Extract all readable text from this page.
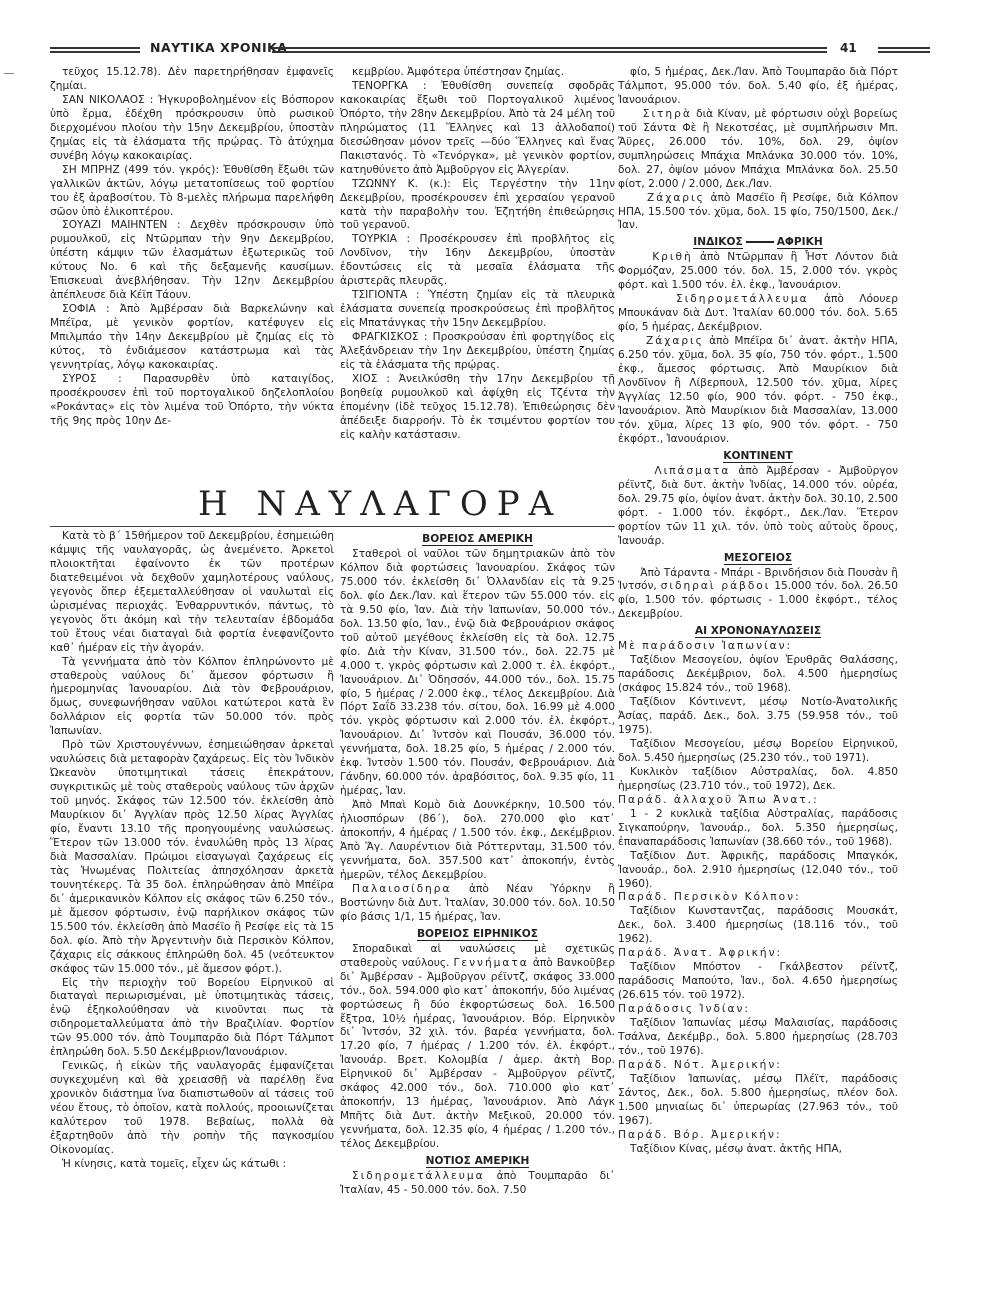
ΝΑΥΤΙΚΑ ΧΡΟΝΙΚΑ	41

τεῦχος 15.12.78). Δὲν παρετηρήθησαν ἐμφανεῖς ζημίαι.

ΣΑΝ ΝΙΚΟΛΑΟΣ : Ἠγκυροβολημένον εἰς Βόσπορον ὑπὸ ἔρμα, ἐδέχθη πρόσκρουσιν ὑπὸ ρωσικοῦ διερχομένου πλοίου τὴν 15ην Δεκεμβρίου, ὑποστὰν ζημίας εἰς τὰ ἐλάσματα τῆς πρῴρας. Τὸ ἀτύχημα συνέβη λόγῳ κακοκαιρίας.

ΣΗ ΜΠΡΗΖ (499 τόν. γκρός): Ἐθυθίσθη ἔξωθι τῶν γαλλικῶν ἀκτῶν, λόγῳ μετατοπίσεως τοῦ φορτίου του ἐξ ἀραβοσίτου. Τὸ 8-μελὲς πλήρωμα παρελήφθη σῶον ὑπὸ ἑλικοπτέρου.

ΣΟΥΑΖΙ ΜΑΙΗΝΤΕΝ : Δεχθὲν πρόσκρουσιν ὑπὸ ρυμουλκοῦ, εἰς Ντῶρμπαν τὴν 9ην Δεκεμβρίου, ὑπέστη κάμψιν τῶν ἐλασμάτων ἐξωτερικῶς τοῦ κύτους Νο. 6 καὶ τῆς δεξαμενῆς καυσίμων. Ἐπισκευαὶ ἀνεβλήθησαν. Τὴν 12ην Δεκεμβρίου ἀπέπλευσε διὰ Κέϊπ Τάουν.

ΣΟΦΙΑ : Ἀπὸ Ἀμβέρσαν διὰ Βαρκελώνην καὶ Μπέϊρα, μὲ γενικὸν φορτίον, κατέφυγεν εἰς Μπιλμπάο τὴν 14ην Δεκεμβρίου μὲ ζημίας εἰς τὸ κύτος, τὸ ἐνδιάμεσον κατάστρωμα καὶ τὰς γεννητρίας, λόγῳ κακοκαιρίας.

ΣΥΡΟΣ : Παρασυρθὲν ὑπὸ καταιγίδος, προσέκρουσεν ἐπὶ τοῦ πορτογαλικοῦ δηζελοπλοίου «Ροκάντας» εἰς τὸν λιμένα τοῦ Ὀπόρτο, τὴν νύκτα τῆς 9ης πρὸς 10ην Δε-

κεμβρίου. Ἀμφότερα ὑπέστησαν ζημίας.

ΤΕΝΟΡΓΚΑ : Ἐθυθίσθη συνεπείᾳ σφοδρᾶς κακοκαιρίας ἔξωθι τοῦ Πορτογαλικοῦ λιμένος Ὀπόρτο, τὴν 28ην Δεκεμβρίου. Ἀπὸ τὰ 24 μέλη τοῦ πληρώματος (11 Ἕλληνες καὶ 13 ἀλλοδαποί) διεσώθησαν μόνον τρεῖς —δύο Ἕλληνες καὶ ἕνας Πακιστανός. Τὸ «Τενόργκα», μὲ γενικὸν φορτίον, κατηυθύνετο ἀπὸ Ἀμβοῦργον εἰς Ἀλγερίαν.

ΤΖΩΝΝΥ Κ. (κ.): Εἰς Τεργέστην τὴν 11ην Δεκεμβρίου, προσέκρουσεν ἐπὶ χερσαίου γερανοῦ κατὰ τὴν παραβολὴν του. Ἐζητήθη ἐπιθεώρησις τοῦ γερανοῦ.

ΤΟΥΡΚΙΑ : Προσέκρουσεν ἐπὶ προβλῆτος εἰς Λονδῖνον, τὴν 16ην Δεκεμβρίου, ὑποστὰν ἐδοντώσεις εἰς τὰ μεσαῖα ἐλάσματα τῆς ἀριστερᾶς πλευρᾶς.

ΤΣΙΓΙΟΝΤΑ : Ὑπέστη ζημίαν εἰς τὰ πλευρικὰ ἐλάσματα συνεπείᾳ προσκρούσεως ἐπὶ προβλῆτος εἰς Μπατάνγκας τὴν 15ην Δεκεμβρίου.

ΦΡΑΓΚΙΣΚΟΣ : Προσκρούσαν ἐπὶ φορτηγίδος εἰς Ἀλεξάνδρειαν τὴν 1ην Δεκεμβρίου, ὑπέστη ζημίας εἰς τὰ ἐλάσματα τῆς πρῴρας.

ΧΙΟΣ : Ἀνειλκύσθη τὴν 17ην Δεκεμβρίου τῇ βοηθείᾳ ρυμουλκοῦ καὶ ἀφίχθη εἰς Τζέντα τὴν ἑπομένην (ἰδὲ τεῦχος 15.12.78). Ἐπιθεώρησις δὲν ἀπέδειξε διαρροήν. Τὸ ἐκ τσιμέντου φορτίον του εἰς καλὴν κατάστασιν.

Η ΝΑΥΛΑΓΟΡΑ

Κατὰ τὸ β´ 15θήμερον τοῦ Δεκεμβρίου, ἐσημειώθη κάμψις τῆς ναυλαγορᾶς, ὡς ἀνεμένετο. Ἀρκετοὶ πλοιοκτῆται ἐφαίνοντο ἐκ τῶν προτέρων διατεθειμένοι νὰ δεχθοῦν χαμηλοτέρους ναύλους, γεγονὸς ὅπερ ἐξεμεταλλεύθησαν οἱ ναυλωταὶ εἰς ὡρισμένας περιοχάς. Ἐνθαρρυντικόν, πάντως, τὸ γεγονὸς ὅτι ἀκόμη καὶ τὴν τελευταίαν ἑβδομάδα τοῦ ἔτους νέαι διαταγαὶ διὰ φορτία ἐνεφανίζοντο καθ᾽ ἡμέραν εἰς τὴν ἀγοράν.

Τὰ γεννήματα ἀπὸ τὸν Κόλπον ἐπληρώνοντο μὲ σταθεροὺς ναύλους δι᾽ ἄμεσον φόρτωσιν ἢ ἡμερομηνίας Ἰανουαρίου. Διὰ τὸν Φεβρουάριον, ὅμως, συνεφωνήθησαν ναῦλοι κατώτεροι κατὰ ἓν δολλάριον εἰς φορτία τῶν 50.000 τόν. πρὸς Ἰαπωνίαν.

Πρὸ τῶν Χριστουγέννων, ἐσημειώθησαν ἀρκεταὶ ναυλώσεις διὰ μεταφορὰν ζαχάρεως. Εἰς τὸν Ἰνδικὸν Ὠκεανὸν ὑποτιμητικαὶ τάσεις ἐπεκράτουν, συγκριτικῶς μὲ τοὺς σταθεροὺς ναύλους τῶν ἀρχῶν τοῦ μηνός. Σκάφος τῶν 12.500 τόν. ἐκλείσθη ἀπὸ Μαυρίκιον δι᾽ Ἀγγλίαν πρὸς 12.50 λίρας Ἀγγλίας φίο, ἔναντι 13.10 τῆς προηγουμένης ναυλώσεως. Ἕτερον τῶν 13.000 τόν. ἐναυλώθη πρὸς 13 λίρας διὰ Μασσαλίαν. Πρώιμοι εἰσαγωγαὶ ζαχάρεως εἰς τὰς Ἡνωμένας Πολιτείας ἀπησχόλησαν ἀρκετὰ τουνητέκερς. Τὰ 35 δολ. ἐπληρώθησαν ἀπὸ Μπέϊρα δι᾽ ἀμερικανικὸν Κόλπον εἰς σκάφος τῶν 6.250 τόν., μὲ ἄμεσον φόρτωσιν, ἐνῷ παρήλικον σκάφος τῶν 15.500 τόν. ἐκλείσθη ἀπὸ Μασέϊο ἢ Ρεσίφε εἰς τὰ 15 δολ. φίο. Ἀπὸ τὴν Ἀργεντινὴν διὰ Περσικὸν Κόλπον, ζάχαρις εἰς σάκκους ἐπληρώθη δολ. 45 (νεότευκτον σκάφος τῶν 15.000 τόν., μὲ ἄμεσον φόρτ.).

Εἰς τὴν περιοχὴν τοῦ Βορείου Εἰρηνικοῦ αἱ διαταγαὶ περιωρισμέναι, μὲ ὑποτιμητικὰς τάσεις, ἐνῷ ἐξηκολούθησαν νὰ κινοῦνται πως τὰ σιδηρομεταλλεύματα ἀπὸ τὴν Βραζιλίαν. Φορτίον τῶν 95.000 τόν. ἀπὸ Τουμπαρᾶο διὰ Πόρτ Τάλμποτ ἐπληρώθη δολ. 5.50 Δεκέμβριον/Ἰανουάριον.

Γενικῶς, ἡ εἰκὼν τῆς ναυλαγορᾶς ἐμφανίζεται συγκεχυμένη καὶ θὰ χρειασθῇ νὰ παρέλθῃ ἕνα χρονικὸν διάστημα ἵνα διαπιστωθοῦν αἱ τάσεις τοῦ νέου ἔτους, τὸ ὁποῖον, κατὰ πολλούς, προοιωνίζεται καλύτερον τοῦ 1978. Βεβαίως, πολλὰ θὰ ἐξαρτηθοῦν ἀπὸ τὴν ροπὴν τῆς παγκοσμίου Οἰκονομίας.

Ἡ κίνησις, κατὰ τομεῖς, εἶχεν ὡς κάτωθι :

ΒΟΡΕΙΟΣ ΑΜΕΡΙΚΗ

Σταθεροὶ οἱ ναῦλοι τῶν δημητριακῶν ἀπὸ τὸν Κόλπον διὰ φορτώσεις Ἰανουαρίου. Σκάφος τῶν 75.000 τόν. ἐκλείσθη δι᾽ Ὀλλανδίαν εἰς τὰ 9.25 δολ. φίο Δεκ./Ἰαν. καὶ ἕτερον τῶν 55.000 τόν. εἰς τὰ 9.50 φίο, Ἰαν. Διὰ τὴν Ἰαπωνίαν, 50.000 τόν., δολ. 13.50 φίο, Ἰαν., ἐνῷ διὰ Φεβρουάριον σκάφος τοῦ αὐτοῦ μεγέθους ἐκλείσθη εἰς τὰ δολ. 12.75 φίο. Διὰ τὴν Κίναν, 31.500 τόν., δολ. 22.75 μὲ 4.000 τ. γκρὸς φόρτωσιν καὶ 2.000 τ. ἐλ. ἐκφόρτ., Ἰανουάριον. Δι᾽ Ὀδησσόν, 44.000 τόν., δολ. 15.75 φίο, 5 ἡμέρας / 2.000 ἐκφ., τέλος Δεκεμβρίου. Διὰ Πόρτ Σαΐδ 33.238 τόν. σίτου, δολ. 16.99 μὲ 4.000 τόν. γκρὸς φόρτωσιν καὶ 2.000 τόν. ἐλ. ἐκφόρτ., Ἰανουάριον. Δι᾽ Ἰντσὸν καὶ Πουσάν, 36.000 τόν. γεννήματα, δολ. 18.25 φίο, 5 ἡμέρας / 2.000 τόν. ἐκφ. Ἰντσὸν 1.500 τόν. Πουσάν, Φεβρουάριον. Διὰ Γάνδην, 60.000 τόν. ἀραβόσιτος, δολ. 9.35 φίο, 11 ἡμέρας, Ἰαν.

Ἀπὸ Μπαὶ Κομὸ διὰ Δουνκέρκην, 10.500 τόν. ἡλιοσπόρων (86´), δολ. 270.000 φὶο κατ᾽ ἀποκοπήν, 4 ἡμέρας / 1.500 τόν. ἐκφ., Δεκέμβριον. Ἀπὸ Ἅγ. Λαυρέντιον διὰ Ρόττερνταμ, 31.500 τόν. γεννήματα, δολ. 357.500 κατ᾽ ἀποκοπήν, ἐντὸς ἡμερῶν, τέλος Δεκεμβρίου.

Παλαιοσίδηρα ἀπὸ Νέαν Ὑόρκην ἢ Βοστώνην διὰ Δυτ. Ἰταλίαν, 30.000 τόν. δολ. 10.50 φίο βάσις 1/1, 15 ἡμέρας, Ἰαν.

ΒΟΡΕΙΟΣ ΕΙΡΗΝΙΚΟΣ

Σποραδικαὶ αἱ ναυλώσεις μὲ σχετικῶς σταθεροὺς ναύλους. Γεννήματα ἀπὸ Βανκοῦβερ δι᾽ Ἀμβέρσαν - Ἀμβοῦργον ρέϊντζ, σκάφος 33.000 τόν., δολ. 594.000 φὶο κατ᾽ ἀποκοπήν, δύο λιμένας φορτώσεως ἢ δύο ἐκφορτώσεως δολ. 16.500 ἔξτρα, 10½ ἡμέρας, Ἰανουάριον. Βόρ. Εἰρηνικὸν δι᾽ Ἰντσόν, 32 χιλ. τόν. βαρέα γεννήματα, δολ. 17.20 φίο, 7 ἡμέρας / 1.200 τόν. ἐλ. ἐκφόρτ., Ἰανουάρ. Βρετ. Κολομβία / ἀμερ. ἀκτὴ Βορ. Εἰρηνικοῦ δι᾽ Ἀμβέρσαν - Ἀμβοῦργον ρέϊντζ, σκάφος 42.000 τόν., δολ. 710.000 φὶο κατ᾽ ἀποκοπήν, 13 ἡμέρας, Ἰανουάριον. Ἀπὸ Λάγκ Μπῆτς διὰ Δυτ. ἀκτὴν Μεξικοῦ, 20.000 τόν. γεννήματα, δολ. 12.35 φίο, 4 ἡμέρας / 1.200 τόν., τέλος Δεκεμβρίου.

ΝΟΤΙΟΣ ΑΜΕΡΙΚΗ

Σιδηρομετάλλευμα ἀπὸ Τουμπαρᾶο δι᾽ Ἰταλίαν, 45 - 50.000 τόν. δολ. 7.50

φίο, 5 ἡμέρας, Δεκ./Ἰαν. Ἀπὸ Τουμπαρᾶο διὰ Πόρτ Τάλμποτ, 95.000 τόν. δολ. 5.40 φίο, ἐξ ἡμέρας, Ἰανουάριον.

Σιτηρὰ διὰ Κίναν, μὲ φόρτωσιν οὐχὶ βορείως τοῦ Σάντα Φὲ ἢ Νεκοτσέας, μὲ συμπλήρωσιν Μπ. Ἄϋρες, 26.000 τόν. 10%, δολ. 29, ὀψίον συμπληρώσεις Μπάχια Μπλάνκα 30.000 τόν. 10%, δολ. 27, ὀψίον μόνον Μπάχια Μπλάνκα δολ. 25.50 φίοτ, 2.000 / 2.000, Δεκ./Ἰαν.

Ζάχαρις ἀπὸ Μασέϊο ἢ Ρεσίφε, διὰ Κόλπον ΗΠΑ, 15.500 τόν. χῦμα, δολ. 15 φίο, 750/1500, Δεκ./Ἰαν.

ΙΝΔΙΚΟΣ	ΑΦΡΙΚΗ

Κριθὴ ἀπὸ Ντῶρμπαν ἢ Ἦστ Λόντον διὰ Φορμόζαν, 25.000 τόν. δολ. 15, 2.000 τόν. γκρὸς φόρτ. καὶ 1.500 τόν. ἐλ. ἐκφ., Ἰανουάριον.

Σιδηρομετάλλευμα ἀπὸ Λόουερ Μπουκάναν διὰ Δυτ. Ἰταλίαν 60.000 τόν. δολ. 5.65 φίο, 5 ἡμέρας, Δεκέμβριον.

Ζάχαρις ἀπὸ Μπέϊρα δι᾽ ἀνατ. ἀκτὴν ΗΠΑ, 6.250 τόν. χῦμα, δολ. 35 φίο, 750 τόν. φόρτ., 1.500 ἐκφ., ἄμεσος φόρτωσις. Ἀπὸ Μαυρίκιον διὰ Λονδῖνον ἢ Λίβερπουλ, 12.500 τόν. χῦμα, λίρες Ἀγγλίας 12.50 φίο, 900 τόν. φόρτ. - 750 ἐκφ., Ἰανουάριον. Ἀπὸ Μαυρίκιον διὰ Μασσαλίαν, 13.000 τόν. χῦμα, λίρες 13 φίο, 900 τόν. φόρτ. - 750 ἐκφόρτ., Ἰανουάριον.

ΚΟΝΤΙΝΕΝΤ

Λιπάσματα ἀπὸ Ἀμβέρσαν - Ἀμβοῦργον ρέϊντζ, διὰ δυτ. ἀκτὴν Ἰνδίας, 14.000 τόν. οὐρέα, δολ. 29.75 φίο, ὀψίον ἀνατ. ἀκτὴν δολ. 30.10, 2.500 φόρτ. - 1.000 τόν. ἐκφόρτ., Δεκ./Ἰαν. Ἕτερον φορτίον τῶν 11 χιλ. τόν. ὑπὸ τοὺς αὐτοὺς ὅρους, Ἰανουάρ.

ΜΕΣΟΓΕΙΟΣ

Ἀπὸ Τάραντα - Μπάρι - Βρινδήσιον διὰ Πουσὰν ἢ Ἰντσόν, σιδηραὶ ράβδοι 15.000 τόν. δολ. 26.50 φίο, 1.500 τόν. φόρτωσις - 1.000 ἐκφόρτ., τέλος Δεκεμβρίου.

ΑΙ ΧΡΟΝΟΝΑΥΛΩΣΕΙΣ

Μὲ παράδοσιν Ἰαπωνίαν:

Ταξίδιον Μεσογείου, ὀψίον Ἐρυθρᾶς Θαλάσσης, παράδοσις Δεκέμβριον, δολ. 4.500 ἡμερησίως (σκάφος 15.824 τόν., τοῦ 1968).

Ταξίδιον Κόντινεντ, μέσῳ Νοτίο-Ἀνατολικῆς Ἀσίας, παράδ. Δεκ., δολ. 3.75 (59.958 τόν., τοῦ 1975).

Ταξίδιον Μεσογείου, μέσῳ Βορείου Εἰρηνικοῦ, δολ. 5.450 ἡμερησίως (25.230 τόν., τοῦ 1971).

Κυκλικὸν ταξίδιον Αὐστραλίας, δολ. 4.850 ἡμερησίως (23.710 τόν., τοῦ 1972), Δεκ.

Παράδ. ἀλλαχοῦ Ἄπω Ἀνατ.:

1 - 2 κυκλικὰ ταξίδια Αὐστραλίας, παράδοσις Σιγκαπούρην, Ἰανουάρ., δολ. 5.350 ἡμερησίως, ἐπαναπαράδοσις Ἰαπωνίαν (38.660 τόν., τοῦ 1968).

Ταξίδιον Δυτ. Ἀφρικῆς, παράδοσις Μπαγκόκ, Ἰανουάρ., δολ. 2.910 ἡμερησίως (12.040 τόν., τοῦ 1960).

Παράδ. Περσικὸν Κόλπον:

Ταξίδιον Κωνσταντζας, παράδοσις Μουσκάτ, Δεκ., δολ. 3.400 ἡμερησίως (18.116 τόν., τοῦ 1962).

Παράδ. Ἀνατ. Ἀφρικήν:

Ταξίδιον Μπόστον - Γκάλβεστον ρέϊντζ, παράδοσις Μαπούτο, Ἰαν., δολ. 4.650 ἡμερησίως (26.615 τόν. τοῦ 1972).

Παράδοσις Ἰνδίαν:

Ταξίδιον Ἰαπωνίας μέσῳ Μαλαισίας, παράδοσις Τσάλνα, Δεκέμβρ., δολ. 5.800 ἡμερησίως (28.703 τόν., τοῦ 1976).

Παράδ. Νότ. Ἀμερικήν:

Ταξίδιον Ἰαπωνίας, μέσῳ Πλέϊτ, παράδοσις Σάντος, Δεκ., δολ. 5.800 ἡμερησίως, πλέον δολ. 1.500 μηνιαίως δι᾽ ὑπερωρίας (27.963 τόν., τοῦ 1967).

Παράδ. Βόρ. Ἀμερικήν:

Ταξίδιον Κίνας, μέσῳ ἀνατ. ἀκτῆς ΗΠΑ,
